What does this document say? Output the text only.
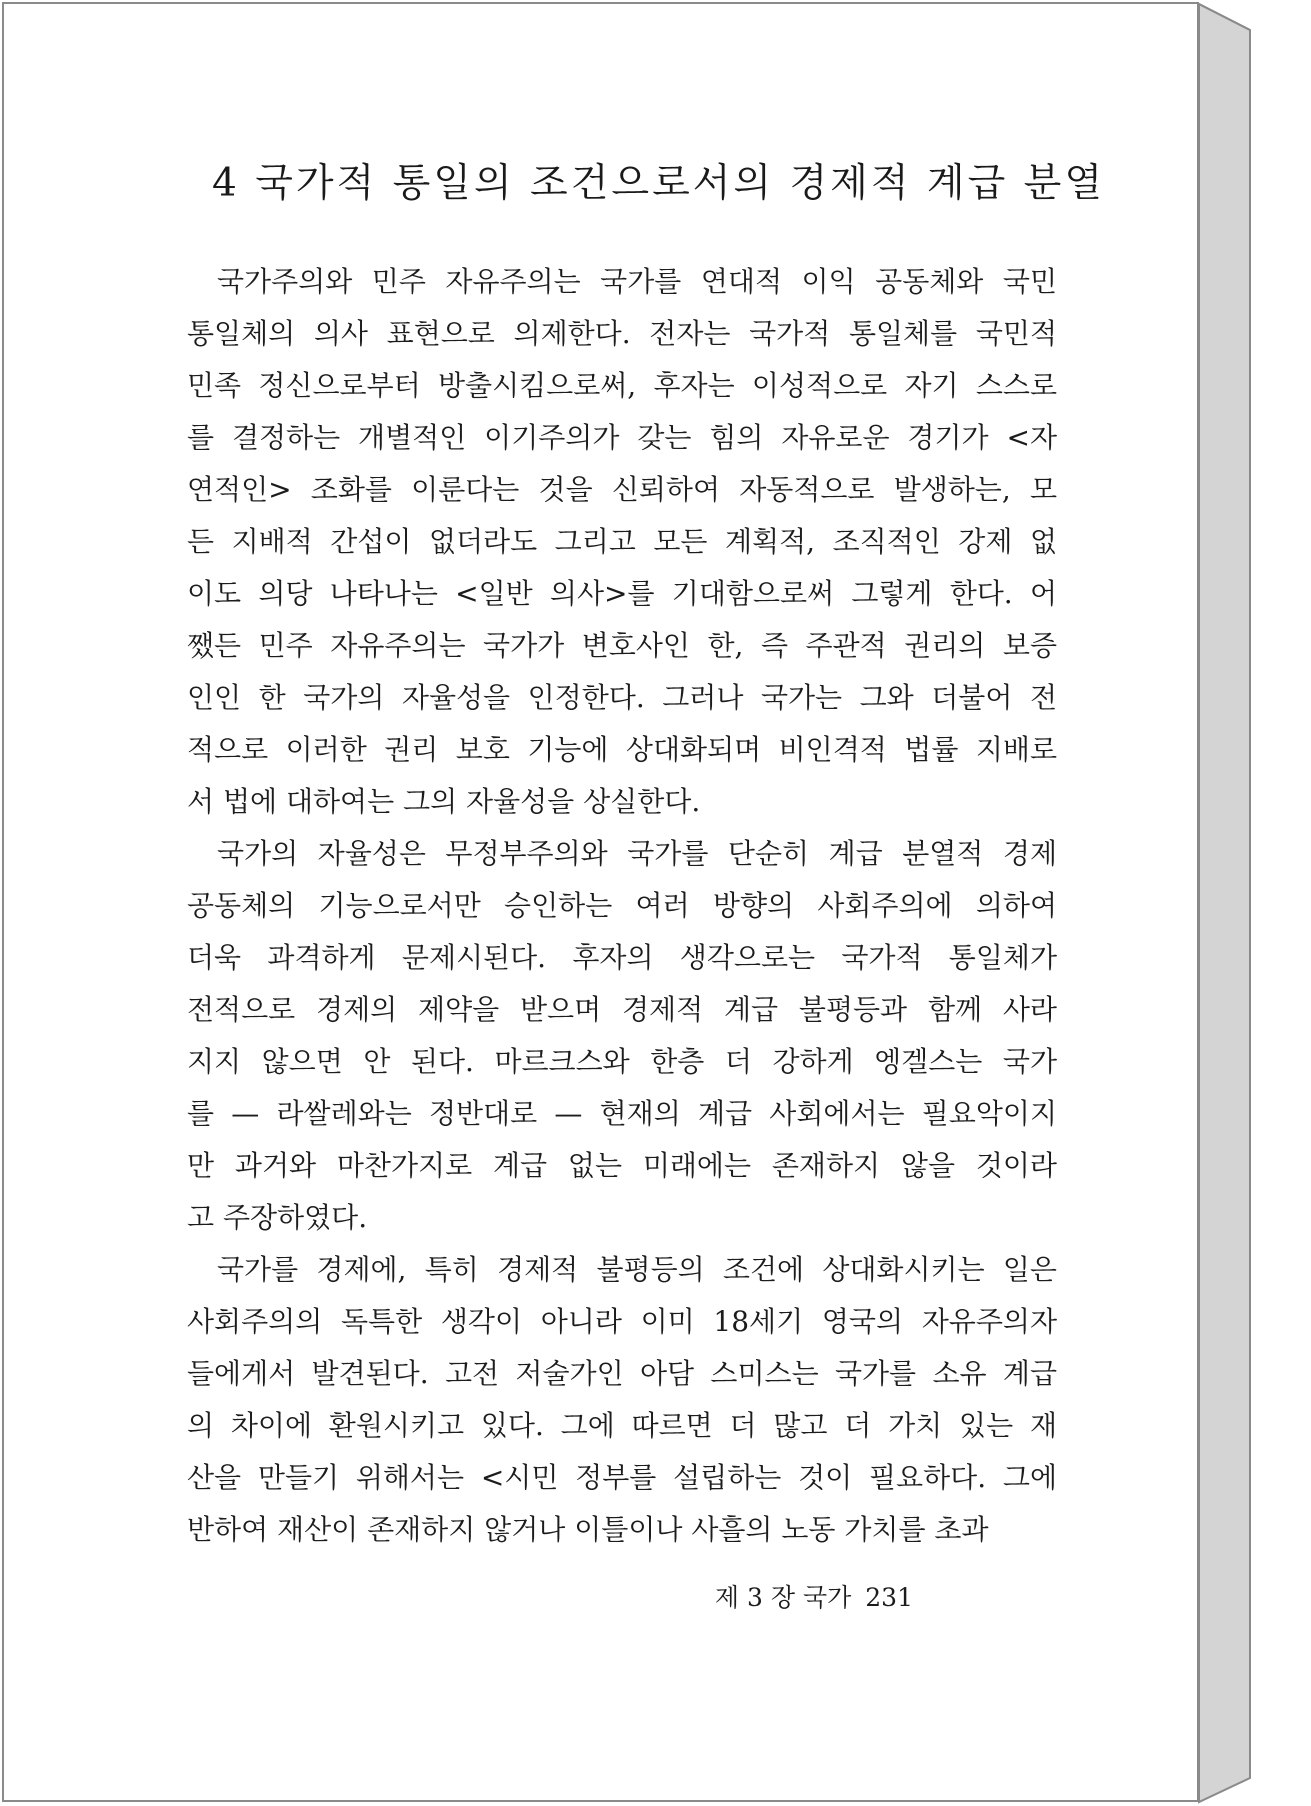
4 국가적 통일의 조건으로서의 경제적 계급 분열
국가주의와 민주 자유주의는 국가를 연대적 이익 공동체와 국민
통일체의 의사 표현으로 의제한다. 전자는 국가적 통일체를 국민적
민족 정신으로부터 방출시킴으로써, 후자는 이성적으로 자기 스스로
를 결정하는 개별적인 이기주의가 갖는 힘의 자유로운 경기가 <자
연적인> 조화를 이룬다는 것을 신뢰하여 자동적으로 발생하는, 모
든 지배적 간섭이 없더라도 그리고 모든 계획적, 조직적인 강제 없
이도 의당 나타나는 <일반 의사>를 기대함으로써 그렇게 한다. 어
쨌든 민주 자유주의는 국가가 변호사인 한, 즉 주관적 권리의 보증
인인 한 국가의 자율성을 인정한다. 그러나 국가는 그와 더불어 전
적으로 이러한 권리 보호 기능에 상대화되며 비인격적 법률 지배로
서 법에 대하여는 그의 자율성을 상실한다.
국가의 자율성은 무정부주의와 국가를 단순히 계급 분열적 경제
공동체의 기능으로서만 승인하는 여러 방향의 사회주의에 의하여
더욱 과격하게 문제시된다. 후자의 생각으로는 국가적 통일체가
전적으로 경제의 제약을 받으며 경제적 계급 불평등과 함께 사라
지지 않으면 안 된다. 마르크스와 한층 더 강하게 엥겔스는 국가
를 — 라쌀레와는 정반대로 — 현재의 계급 사회에서는 필요악이지
만 과거와 마찬가지로 계급 없는 미래에는 존재하지 않을 것이라
고 주장하였다.
국가를 경제에, 특히 경제적 불평등의 조건에 상대화시키는 일은
사회주의의 독특한 생각이 아니라 이미 18세기 영국의 자유주의자
들에게서 발견된다. 고전 저술가인 아담 스미스는 국가를 소유 계급
의 차이에 환원시키고 있다. 그에 따르면 더 많고 더 가치 있는 재
산을 만들기 위해서는 <시민 정부를 설립하는 것이 필요하다. 그에
반하여 재산이 존재하지 않거나 이틀이나 사흘의 노동 가치를 초과
제 3 장 국가 231
